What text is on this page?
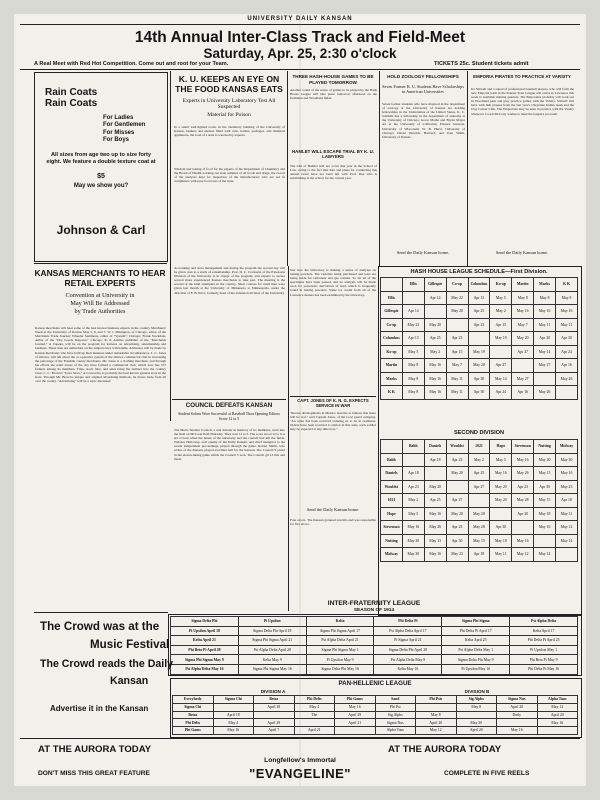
UNIVERSITY DAILY KANSAN
14th Annual Inter-Class Track and Field-Meet
Saturday, Apr. 25, 2:30 o'clock
A Real Meet with Red Hot Competition. Come out and root for your Team.	TICKETS 25c. Student tickets admit
Rain Coats
Rain Coats
For Ladies
For Gentlemen
For Misses
For Boys
All sizes from age two up to size forty eight. We feature a double texture coat at
$5
May we show you?
Johnson & Carl
K. U. KEEPS AN EYE ON THE FOOD KANSAS EATS
Experts in University Laboratory Test All Suspected
Material for Poison
In a small well-lighted room, in the chemistry building of the University of Kansas, beakers and shelves filled with cans, bottles, packages, and chemical appliances, the food of a state is watched by experts.
Wisdom and testing of food for the experts of the Department of Chemistry and the Board of Health working out state samples of all foods and drugs, the record of the analyses kept for inspection of the manufacturers who are not in compliance with pure food laws of the state.
THREE HASH-HOUSE GAMES TO BE PLAYED TOMORROW
Another round of the series of games to be played by the Hash House League will take place tomorrow afternoon on the freshman and Woodland fields.
HAMLET WILL ESCAPE TRIAL BY K. U. LAWYERS
The trial of Hamlet will not occur this year in the School of Law, owing to the fact that date and plans for conducting this annual event have not been left with Prof. Rue who is substituting in the school for the current year.
HOLD ZOOLOGY FELLOWSHIPS
Seven Former K. U. Students Have Scholarships in American Universities
Seven former students who have majored in the department of zoology at the University of Kansas are holding fellowships in the Universities of the United States. K. C. Schmidt has a fellowship in the department of anatomy at the University of Chicago; Grace Mathe and Bryan Mayer are at the University of California; Eleanor Gleason, University of Wisconsin; W. B. Hurst, University of Chicago; David Wenrich, Harvard; and Ivan Smith, University of Kansas.
Send the Daily Kansan home.
EMPORIA PIRATES TO PRACTICE AT VARSITY
Ira Stilwell and a squad of professional baseball players, who will form the new Emporia team in the Kansas State League will arrive in Lawrence this week to establish training quarters. The Emporians probably will work out in Woodland park and play practice games with the Varsity. Stilwell will have with him players from the last year's Cheyenne Indian team and the Clay Center Club. The Emporians may be seen in practice with the Varsity whenever Coach McCarty wishes to meet the league's pro team.
Send the Daily Kansan home.
KANSAS MERCHANTS TO HEAR RETAIL EXPERTS
Convention at University in
May Will Be Addressed
by Trade Authorities
Kansas merchants will hear some of the best known business experts in the country Merchants' Week at the University of Kansas May 5, 6, and 7. W. J. Pilkington, of Chicago, editor of the Merchants Trade Journal; Wheeler Sammons, editor of "System"; Chicago; Frank Stockdale, author of the "Dry Goods Reporter," Chicago; R. P. Adams, publisher of the "Merchants Journal," at Topeka, will be on the program for lectures on advertising, salesmanship and business. These men are authorities on the subjects they will handle. Addresses will be made by Kansas merchants who have built up their business under remarkable circumstances. L. C. Jones of Ottawa, will tell about the co-operative system of the Ottawa commercial club in increasing the patronage of the Franklin county merchants. Mr. Jones is a clothing merchant, and through his efforts the retail stores of the city have formed a commercial club, which now has 377 farmers among its members. Trips, stock fairs, and sales bring the farmers into the country town. C. C. Brown's "Iowa Store," at Concordia, is probably the best known general store in the state. Through Mr. Brown's unique and original advertising methods, he draws trade from all over the county. "Advertising" will be a topic discussed.
Accounting and store management and during the program the second day will be given over to a study of salesmanship. Prof. D. C. Croissant, of the Extension Division of the University is in charge of the program, and experts to secure several more experienced Kansas merchants to take part. The meeting is the second of the kind attempted in the country. Short courses for retail men were given last month at the University of Minnesota at Minneapolis, under the direction of E. B. Price, formerly head of the extension division of the University.
COUNCIL DEFEATS KANSAN
Student Solons Wore Successful at Baseball Thou Opening Editors Score 12 to 5
The Men's Student Council, a real debater in memory of its members, went into the field on McCook field Thursday. They won 12 to 5. The score stood 12 to 6 at six o'clock when the heads of the university and the council had left the fields. Webster Holloway, arch enemy of the Daily Kansan, and chief instigator to the recent independent proceedings, played through the game. Robert Smith, who writes of the Kansan, played excellent ball for the Kansan. The Council 9 pitted in the eleven-inning game which the Council 5 won. The Council gil 13 hits and made
Just now the laboratory is making a series of analyses on baking powders. The varieties being purchased and tests are being made for carbonate and gas content. So far all of the specimens have been passed, and no analysis will be made soon for poisonous derivatives of lead, which is frequently found in baking powders. Some ice cream from all of the Lawrence dealers has been examined by the laboratory.
CAPT. JONES OF K. N. G. EXPECTS SERVICE IN WAR
"Recent developments in Mexico lead me to believe that there will be war," said Captain Jones, of the local guard company. "An order has been received ordering us to be in readiness. Orders have been received to station in this state, each soldier may be expected at any time now."
Send the Daily Kansan home.
Four errors. The Kansan garnered ten hits and was responsible for five errors.
HASH HOUSE LEAGUE SCHEDULE—First Division.
	Ellis	Gillespie	Co-op	Columbus	Ko-op	Martin	Marks	K K
Ellis		Apr 14	May 22	Apr 13	May 5	May 8	May 8	May 8
Gillespie	Apr 14		May 20	Apr 25	May 2	May 16	May 16	May 16
Co-op	May 22	May 20		Apr 23	Apr 15	May 7	May 11	May 11
Columbus	Apr 13	Apr 25	Apr 23		May 19	May 20	Apr 30	Apr 30
Ko-op	May 5	May 2	Apr 15	May 19		Apr 27	May 14	Apr 24
Martin	May 8	May 16	May 7	May 20	Apr 27		May 27	Apr 16
Marks	May 8	May 16	May 11	Apr 30	May 14	May 27		May 26
K K	May 8	May 16	May 11	Apr 30	Apr 24	Apr 16	May 26	
SECOND DIVISION
	Babb	Daniels	Wouldst	1021	Hope	Stevenson	Nutting	Midway
Babb		Apr 18	Apr 23	May 2	May 5	May 16	May 20	May 30
Daniels	Apr 18		May 20	Apr 25	May 16	May 26	May 13	May 16
Wouldst	Apr 23	May 20		Apr 27	May 20	Apr 23	Apr 30	May 23
1021	May 2	Apr 25	Apr 27		May 20	May 28	May 15	Apr 18
Hope	May 5	May 16	May 20	May 20		Apr 30	May 18	May 11
Stevenson	May 16	May 26	Apr 23	May 28	Apr 30		May 16	May 12
Nutting	May 20	May 13	Apr 30	May 15	May 18	May 16		May 14
Midway	May 30	May 16	May 23	Apr 18	May 11	May 12	May 14	
INTER-FRATERNITY LEAGUE
SEASON OF 1914
Sigma Delta Phi	Pi Upsilon	Kelta	Phi Delta Pi	Sigma Phi Sigma	Psi Alpha Delta
Pi Upsilon April 18	Sigma Delta Phi April 18	Sigma Phi Sigma April 17	Psi Alpha Delta April 17	Phi Delta Pi April 17	Kelta April 17
Kelta April 21	Sigma Phi Sigma April 21	Psi Alpha Delta April 21	Pi Sigma April 21	Kelta April 25	Phi Delta Pi April 25
Phi Beta Pi April 28	Psi Alpha Delta April 28	Sigma Phi Sigma May 1	Sigma Delta Phi April 28	Psi Alpha Delta May 1	Pi Upsilon May 1
Sigma Phi Sigma May 9	Kelta May 9	Pi Upsilon May 9	Psi Alpha Delta May 9	Sigma Delta Phi May 9	Phi Beta Pi May 9
Psi Alpha Delta May 16	Sigma Phi Sigma May 16	Sigma Delta Phi May 16	Kelta May 16	Pi Upsilon May 16	Phi Delta Pi May 16
The Crowd was at the
Music Festival
The Crowd reads the Daily
Kansan
Advertise it in the Kansan
PAN-HELLENIC LEAGUE
DIVISION A	DIVISION B
Everybody	Sigma Chi	Betas	Phi Delts	Phi Gams	Sand	Phi Psis	Sig Alphs	Sigma Nus	Alpha Taus
Sigma Chi		April 18	May 4	May 16	Phi Psi		May 8	April 20	May 12
Betas	April 18		The	April 29	Sig Alphs	May 8		Daily	April 20
Phi Delts	May 4	April 29		April 21	Sigma Nus	April 20	May 30		May 16
Phi Gams	May 16	April 7	April 21		Alpha Taus	May 12	April 20	May 16	
AT THE AURORA TODAY	AT THE AURORA TODAY
Longfellow's Immortal
"EVANGELINE"
DON'T MISS THIS GREAT FEATURE	COMPLETE IN FIVE REELS
